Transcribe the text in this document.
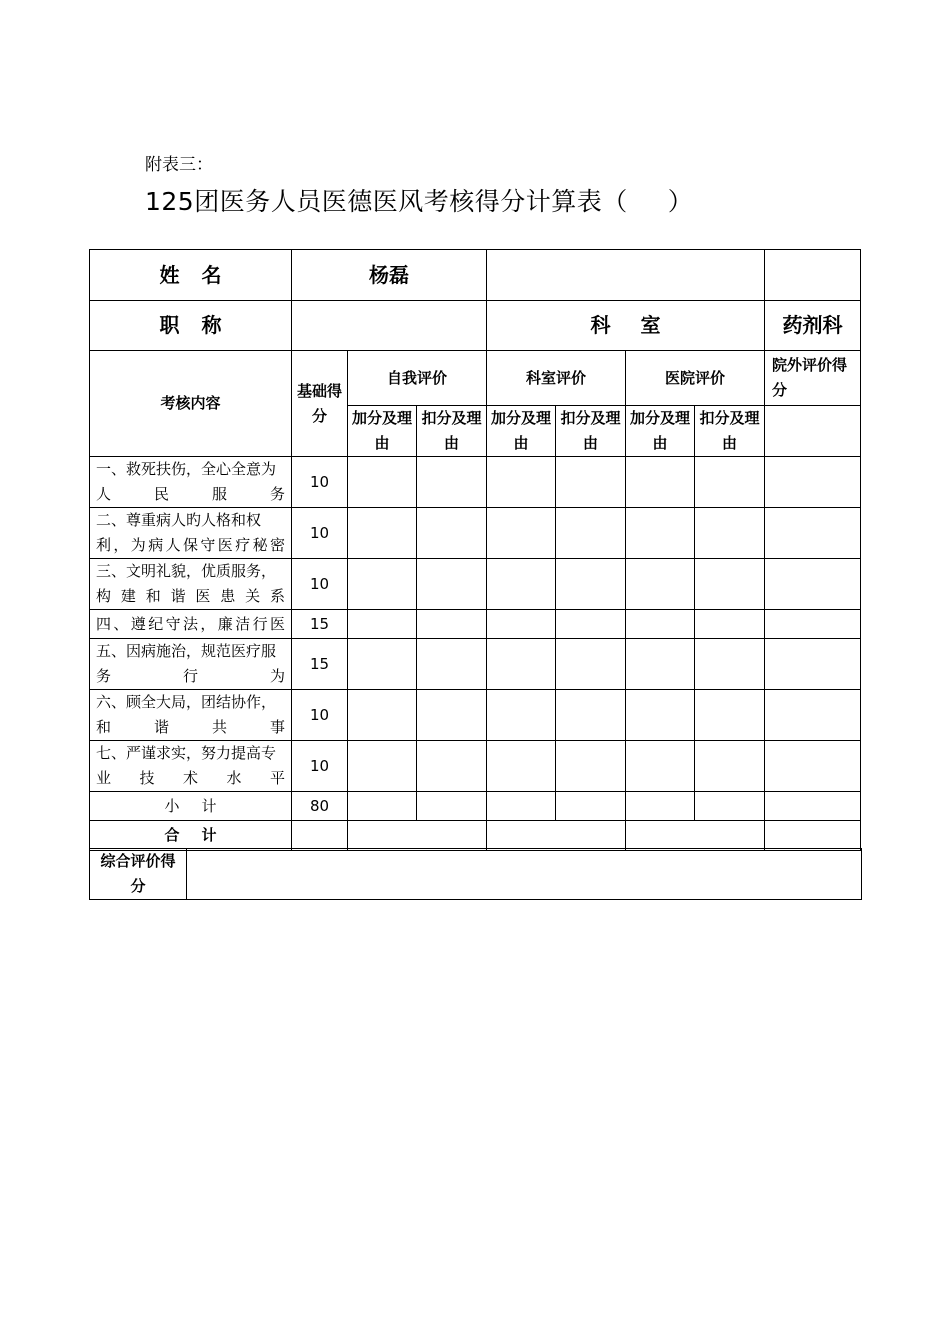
附表三：
125团医务人员医德医风考核得分计算表（ ）
姓名	杨磊							
职称				科室				药剂科
考核内容	基础得分	自我评价		科室评价		医院评价		院外评价得分
		加分及理由	扣分及理由	加分及理由	扣分及理由	加分及理由	扣分及理由	
一、救死扶伤，全心全意为人民服务	10							
二、尊重病人旳人格和权利，为病人保守医疗秘密	10							
三、文明礼貌，优质服务，构建和谐医患关系	10							
四、遵纪守法，廉洁行医	15							
五、因病施治，规范医疗服务行为	15							
六、顾全大局，团结协作，和谐共事	10							
七、严谨求实，努力提高专业技术水平	10							
小计	80							
合计								
综合评价得分	
